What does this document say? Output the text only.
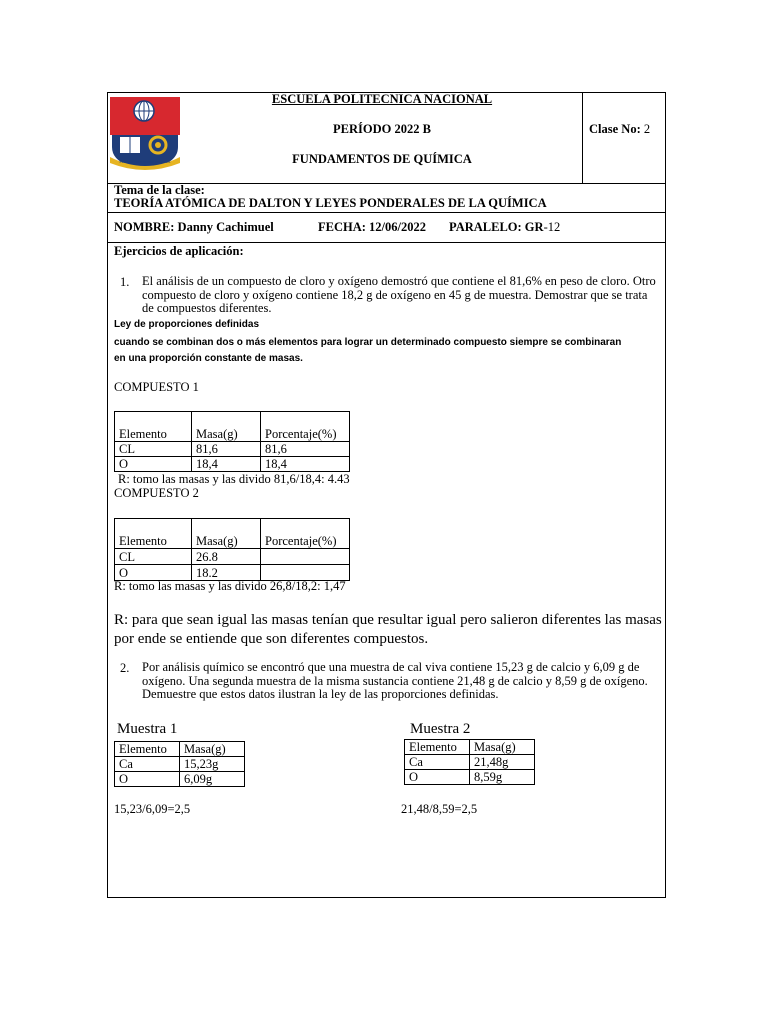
ESCUELA POLITÉCNICA NACIONAL
ESCUELA POLITECNICA NACIONAL
PERÍODO 2022 B
FUNDAMENTOS DE QUÍMICA
Clase No: 2
Tema de la clase:
TEORÍA ATÓMICA DE DALTON Y LEYES PONDERALES DE LA QUÍMICA
NOMBRE: Danny Cachimuel	FECHA: 12/06/2022 PARALELO: GR-12
Ejercicios de aplicación:
1. El análisis de un compuesto de cloro y oxígeno demostró que contiene el 81,6% en peso de cloro. Otro
compuesto de cloro y oxígeno contiene 18,2 g de oxígeno en 45 g de muestra. Demostrar que se trata
de compuestos diferentes.
Ley de proporciones definidas
cuando se combinan dos o más elementos para lograr un determinado compuesto siempre se combinaran
en una proporción constante de masas.
COMPUESTO 1
Elemento	Masa(g)	Porcentaje(%)
CL	81,6	81,6
O	18,4	18,4
R: tomo las masas y las divido 81,6/18,4: 4.43
COMPUESTO 2
Elemento	Masa(g)	Porcentaje(%)
CL	26.8	
O	18.2	
R: tomo las masas y las divido 26,8/18,2: 1,47
R: para que sean igual las masas tenían que resultar igual pero salieron diferentes las masas
por ende se entiende que son diferentes compuestos.
2. Por análisis químico se encontró que una muestra de cal viva contiene 15,23 g de calcio y 6,09 g de
oxígeno. Una segunda muestra de la misma sustancia contiene 21,48 g de calcio y 8,59 g de oxígeno.
Demuestre que estos datos ilustran la ley de las proporciones definidas.
Muestra 1
Elemento	Masa(g)
Ca	15,23g
O	6,09g
15,23/6,09=2,5
Muestra 2
Elemento	Masa(g)
Ca	21,48g
O	8,59g
21,48/8,59=2,5
